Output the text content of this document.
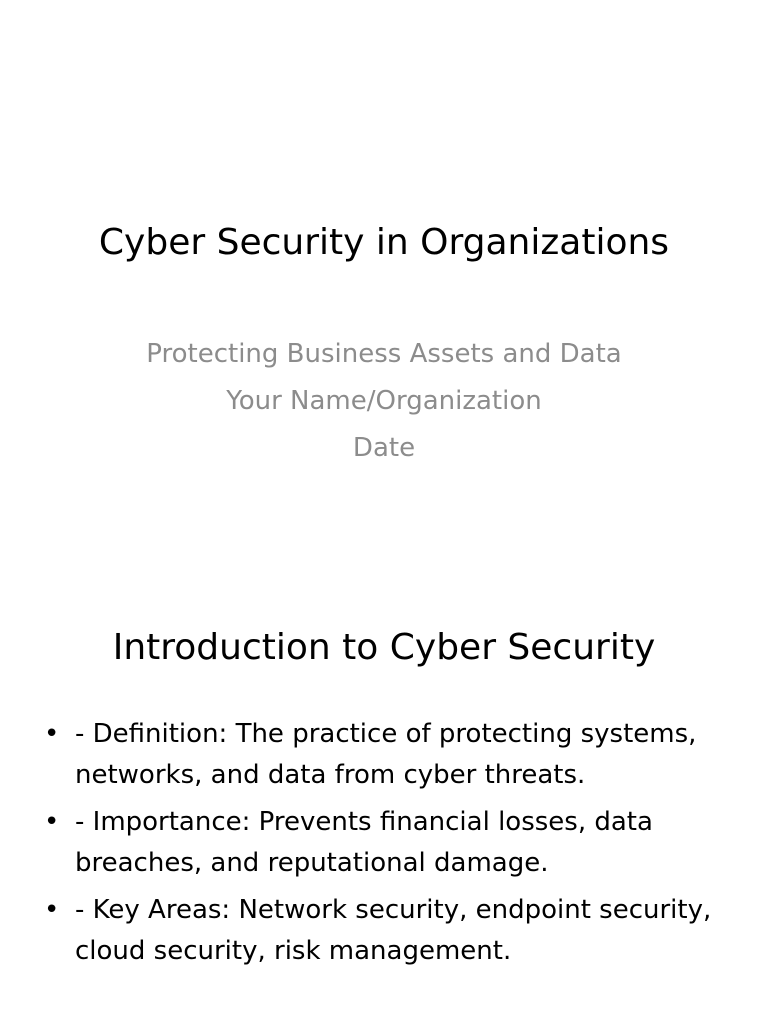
Cyber Security in Organizations
Protecting Business Assets and Data
Your Name/Organization
Date
Introduction to Cyber Security
• - Definition: The practice of protecting systems, networks, and data from cyber threats.
• - Importance: Prevents financial losses, data breaches, and reputational damage.
• - Key Areas: Network security, endpoint security, cloud security, risk management.
